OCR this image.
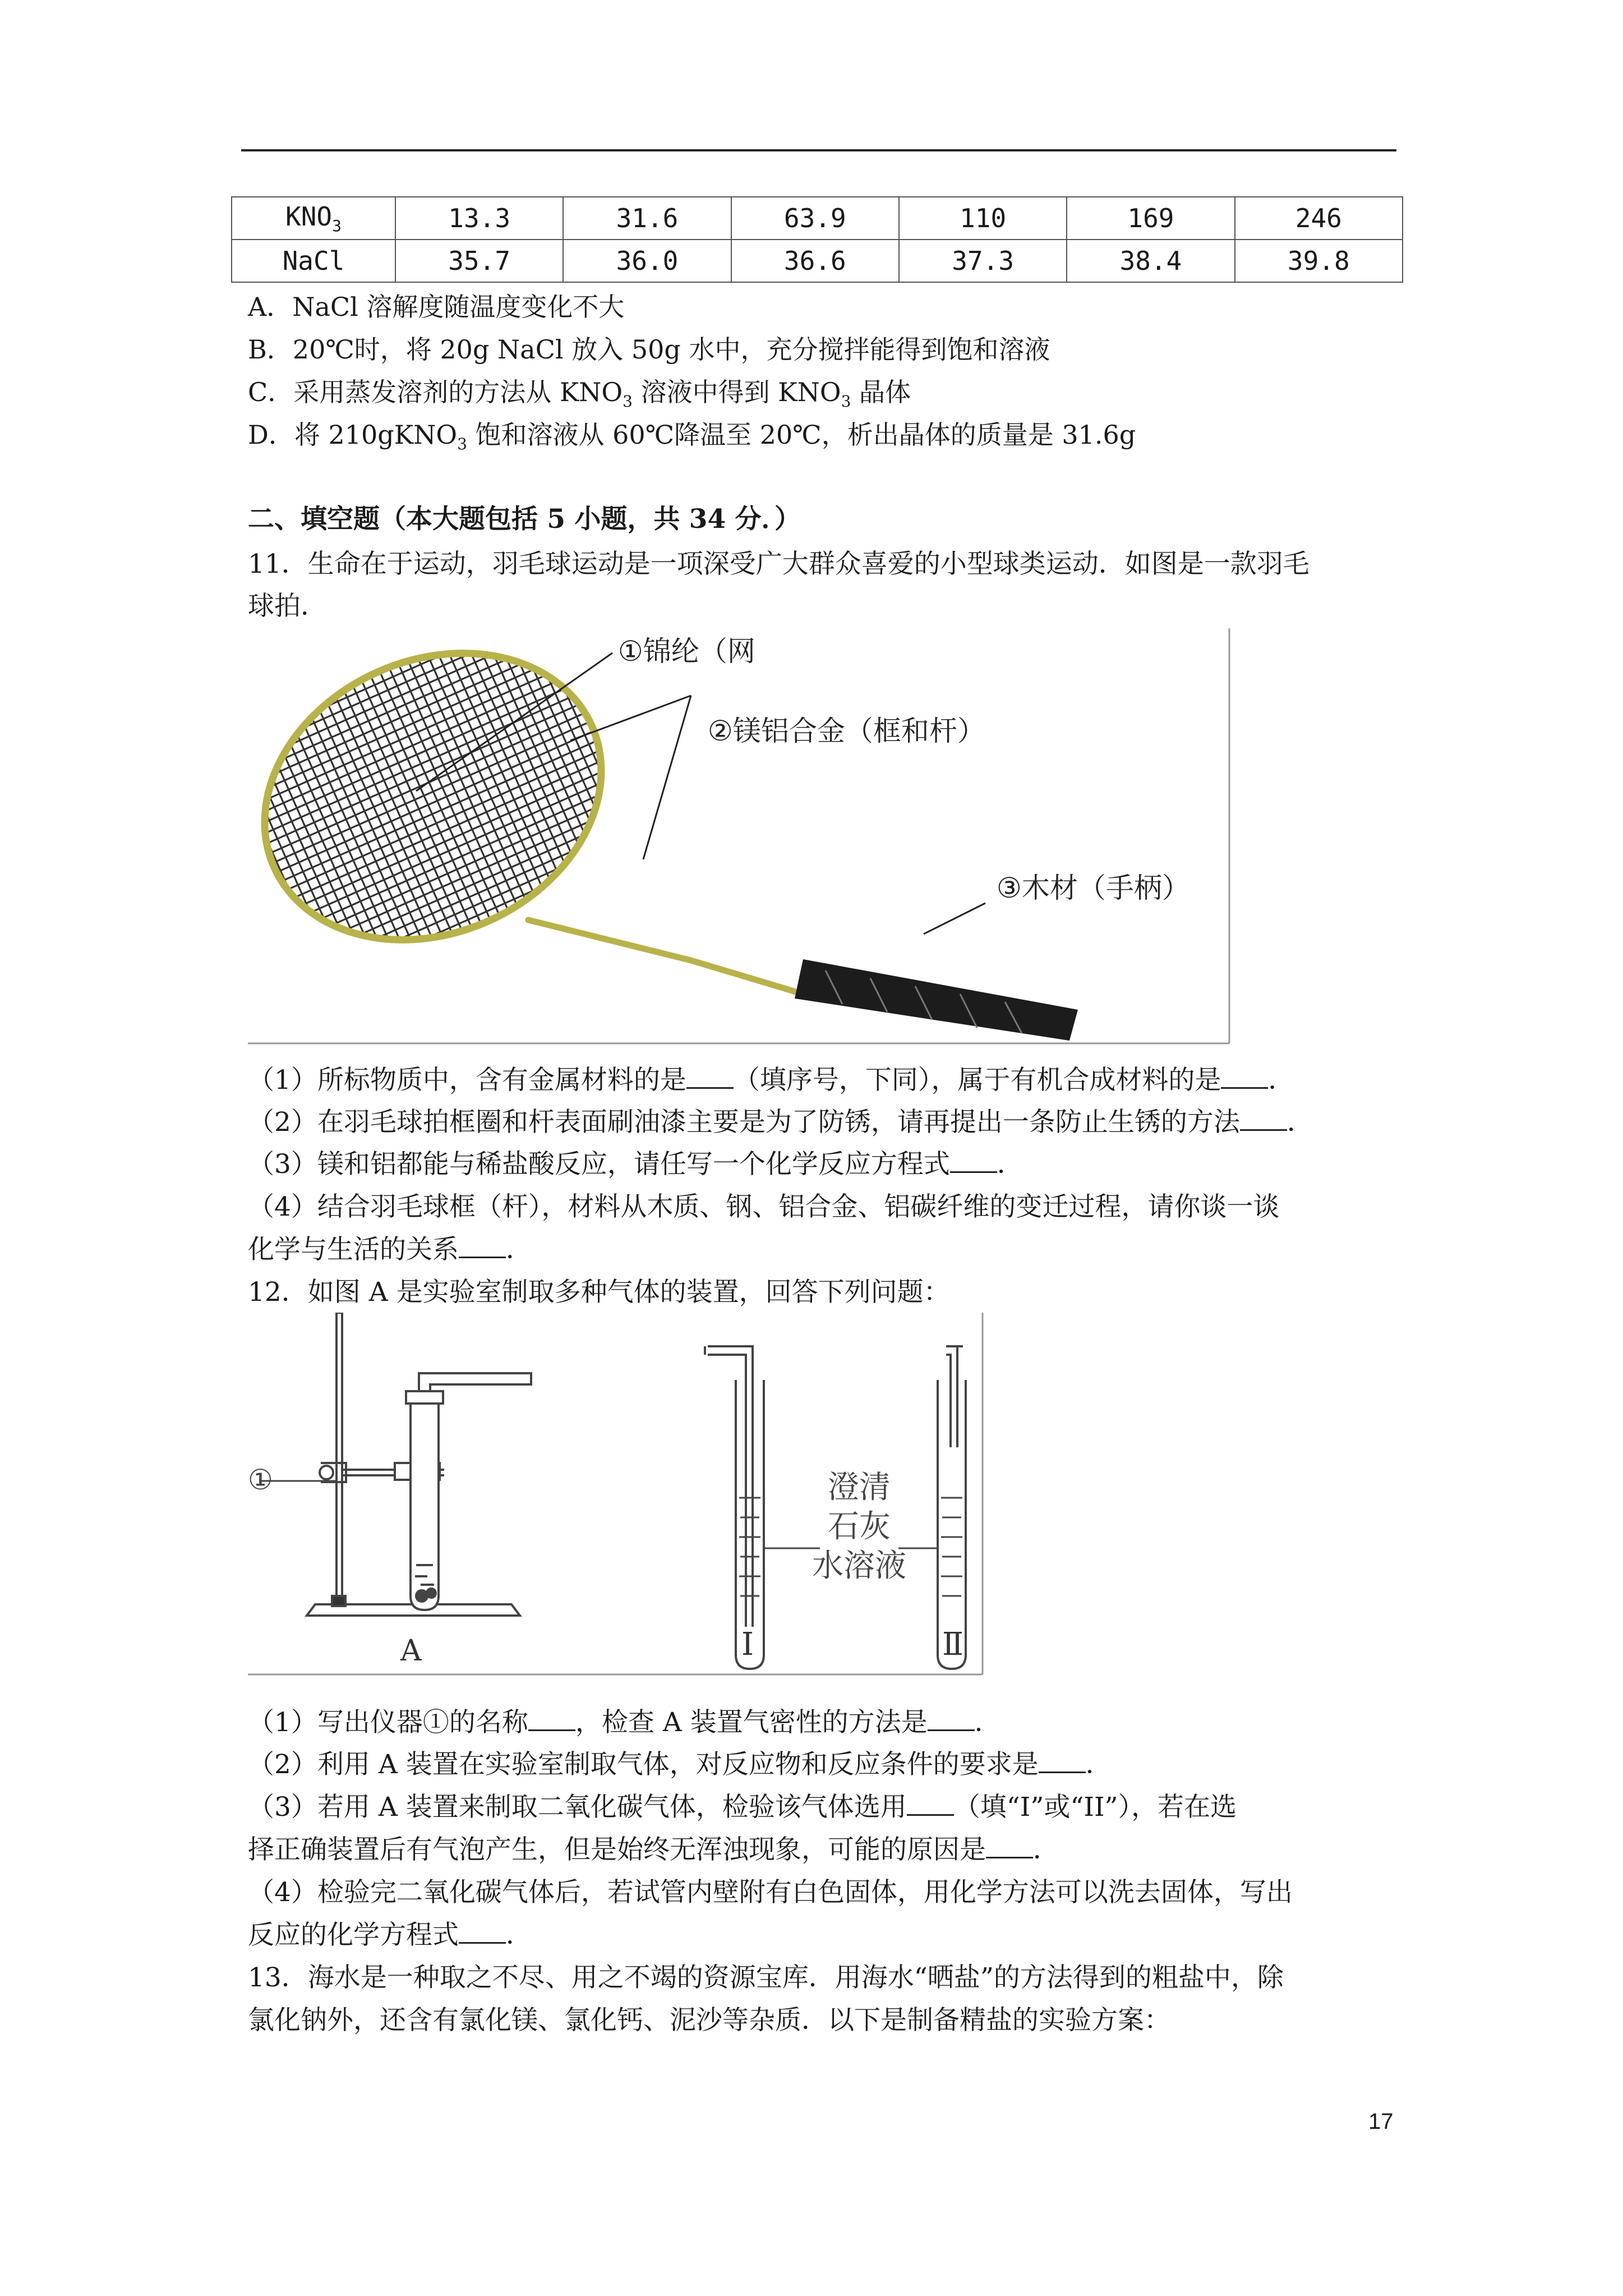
$KNO_3$	13.3	31.6	63.9	110	169	246
NaCl	35.7	36.0	36.6	37.3	38.4	39.8
A．NaCl 溶解度随温度变化不大
B．20℃时，将 20g NaCl 放入 50g 水中，充分搅拌能得到饱和溶液
C．采用蒸发溶剂的方法从 $KNO_3$ 溶液中得到 $KNO_3$ 晶体
D．将 210gKNO$_3$ 饱和溶液从 60℃降温至 20℃，析出晶体的质量是 31.6g
二、填空题（本大题包括 5 小题，共 34 分．）
11．生命在于运动，羽毛球运动是一项深受广大群众喜爱的小型球类运动．如图是一款羽毛
球拍．
①锦纶（网
②镁铝合金（框和杆）
③木材（手柄）
（1）所标物质中，含有金属材料的是 （填序号，下同），属于有机合成材料的是 ．
（2）在羽毛球拍框圈和杆表面刷油漆主要是为了防锈，请再提出一条防止生锈的方法 ．
（3）镁和铝都能与稀盐酸反应，请任写一个化学反应方程式 ．
（4）结合羽毛球框（杆），材料从木质、钢、铝合金、铝碳纤维的变迁过程，请你谈一谈
化学与生活的关系 ．
12．如图 A 是实验室制取多种气体的装置，回答下列问题：
①
A
澄清
石灰
水溶液
Ⅰ	Ⅱ
（1）写出仪器①的名称 ，检查 A 装置气密性的方法是 ．
（2）利用 A 装置在实验室制取气体，对反应物和反应条件的要求是 ．
（3）若用 A 装置来制取二氧化碳气体，检验该气体选用 （填“I”或“II”），若在选
择正确装置后有气泡产生，但是始终无浑浊现象，可能的原因是 ．
（4）检验完二氧化碳气体后，若试管内壁附有白色固体，用化学方法可以洗去固体，写出
反应的化学方程式 ．
13．海水是一种取之不尽、用之不竭的资源宝库．用海水“晒盐”的方法得到的粗盐中，除
氯化钠外，还含有氯化镁、氯化钙、泥沙等杂质．以下是制备精盐的实验方案：
17
